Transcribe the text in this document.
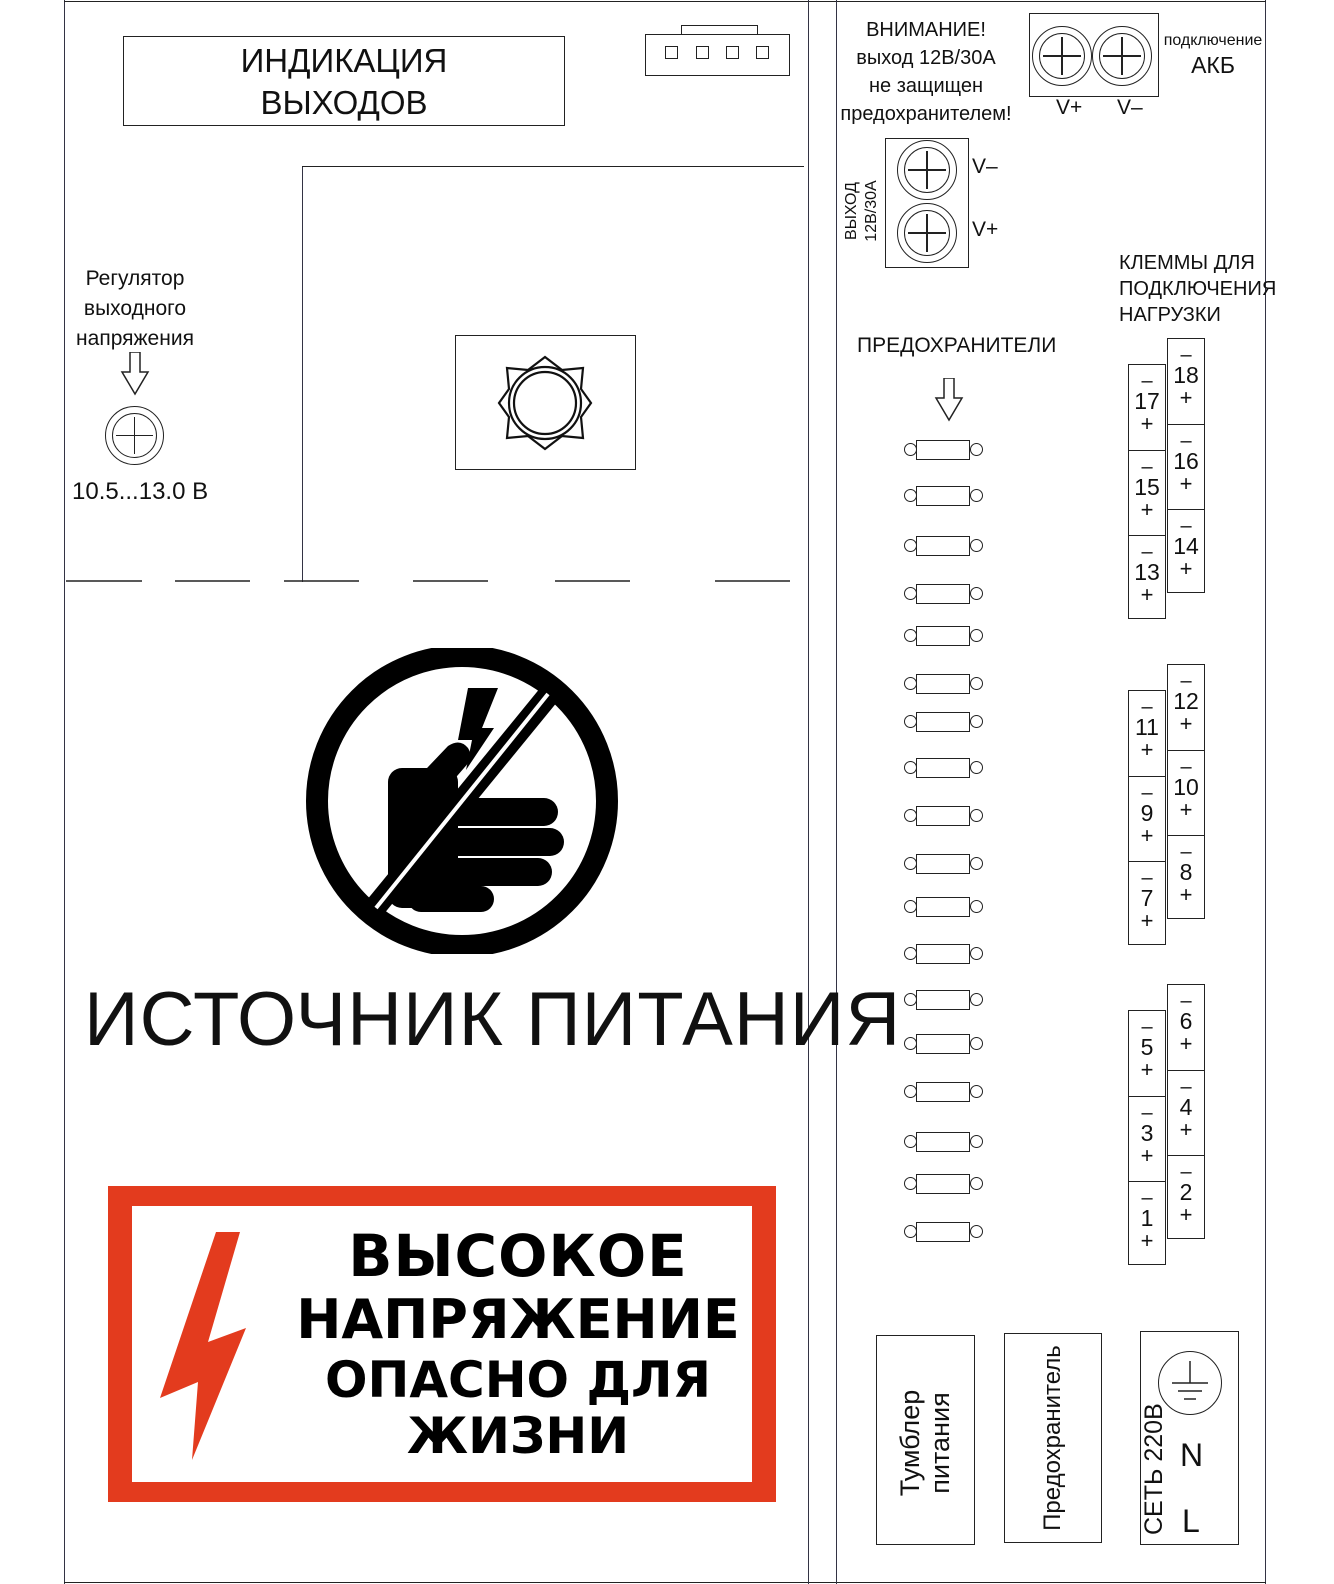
ИНДИКАЦИЯ
ВЫХОДОВ
Регулятор
выходного
напряжения
10.5...13.0 В
ВНИМАНИЕ!
выход 12В/30А
не защищен
предохранителем! V+ V–
подключение
АКБ
V–
V+
ВЫХОД 12В/30А
КЛЕММЫ ДЛЯ
ПОДКЛЮЧЕНИЯ
НАГРУЗКИ
ПРЕДОХРАНИТЕЛИ
–
17
+
–
15
+
–
13
+
–
18
+
–
16
+
–
14
+
–
11
+
–
9
+
–
7
+
–
12
+
–
10
+
–
8
+
–
5
+
–
3
+
–
1
+
–
6
+
–
4
+
–
2
+
ИСТОЧНИК ПИТАНИЯ
ВЫСОКОЕ
НАПРЯЖЕНИЕ
ОПАСНО ДЛЯ
ЖИЗНИ	Тумблер питания	Предохранитель	СЕТЬ 220В N
L
